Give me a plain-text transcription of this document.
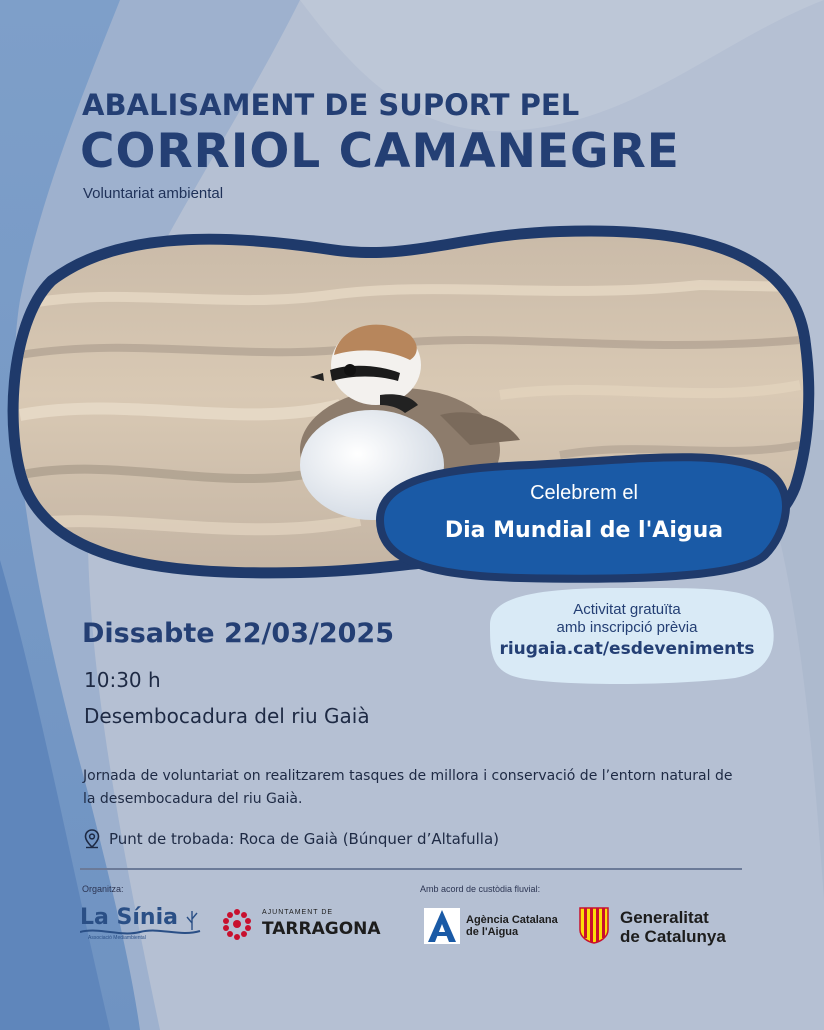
ABALISAMENT DE SUPORT PEL
CORRIOL CAMANEGRE
Voluntariat ambiental
Celebrem el
Dia Mundial de l'Aigua
Activitat gratuïta
amb inscripció prèvia
riugaia.cat/esdeveniments
Dissabte 22/03/2025
10:30 h
Desembocadura del riu Gaià
Jornada de voluntariat on realitzarem tasques de millora i conservació de l’entorn natural de la desembocadura del riu Gaià.
Punt de trobada: Roca de Gaià (Búnquer d’Altafulla)
Organitza:	Amb acord de custòdia fluvial:
La Sínia
Associació Mediambiental
AJUNTAMENT DE
TARRAGONA	Agència Catalana
de l'Aigua
Generalitat
de Catalunya
